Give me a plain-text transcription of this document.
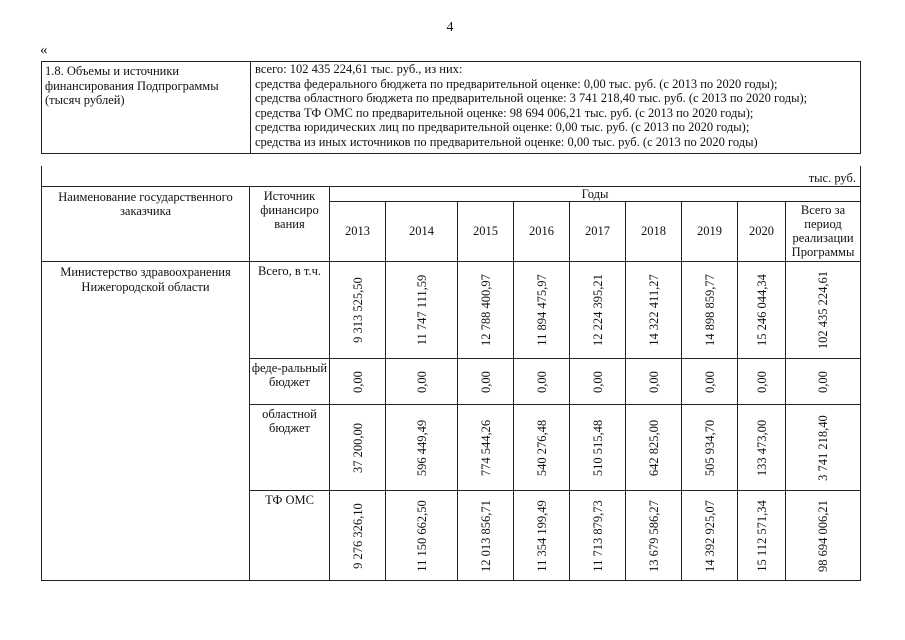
4
«
1.8. Объемы и источники финансирования Подпрограммы (тысяч рублей)	
всего: 102 435 224,61 тыс. руб., из них:
средства федерального бюджета по предварительной оценке: 0,00 тыс. руб. (с 2013 по 2020 годы);
средства областного бюджета по предварительной оценке: 3 741 218,40 тыс. руб. (с 2013 по 2020 годы);
средства ТФ ОМС по предварительной оценке: 98 694 006,21 тыс. руб. (с 2013 по 2020 годы);
средства юридических лиц по предварительной оценке: 0,00 тыс. руб. (с 2013 по 2020 годы);
средства из иных источников по предварительной оценке: 0,00 тыс. руб. (с 2013 по 2020 годы)

тыс. руб.										
Наименование государственного заказчика	Источник финансиро вания	Годы								
		2013	2014	2015	2016	2017	2018	2019	2020	Всего за период реализации Программы
Министерство здравоохранения Нижегородской области	Всего, в т.ч.	9 313 525,50	11 747 111,59	12 788 400,97	11 894 475,97	12 224 395,21	14 322 411,27	14 898 859,77	15 246 044,34	102 435 224,61

	феде-ральный бюджет	0,00	0,00	0,00	0,00	0,00	0,00	0,00	0,00	0,00

	областной бюджет	37 200,00	596 449,49	774 544,26	540 276,48	510 515,48	642 825,00	505 934,70	133 473,00	3 741 218,40

	ТФ ОМС	9 276 326,10	11 150 662,50	12 013 856,71	11 354 199,49	11 713 879,73	13 679 586,27	14 392 925,07	15 112 571,34	98 694 006,21
